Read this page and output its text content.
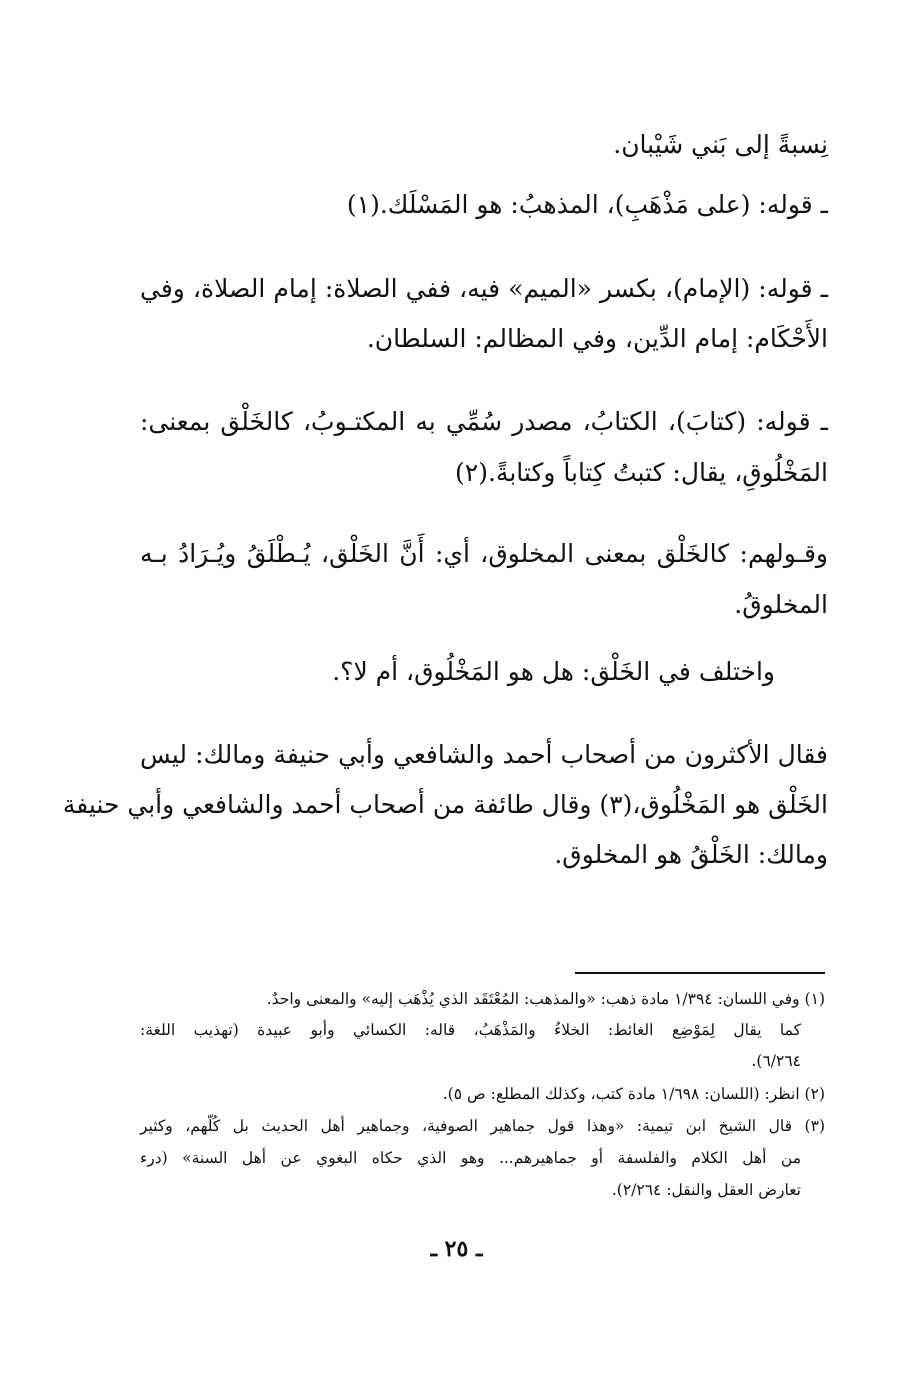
نِسبةً إلى بَني شَيْبان.
ـ قوله: (على مَذْهَبِ)، المذهبُ: هو المَسْلَك.(١)
ـ قوله: (الإمام)، بكسر «الميم» فيه، ففي الصلاة: إمام الصلاة، وفي
الأَحْكَام: إمام الدِّين، وفي المظالم: السلطان.
ـ قوله: (كتابَ)، الكتابُ، مصدر سُمِّي به المكتـوبُ، كالخَلْق بمعنى:
المَخْلُوقِ، يقال: كتبتُ كِتاباً وكتابةً.(٢)
وقـولهم: كالخَلْق بمعنى المخلوق، أي: أَنَّ الخَلْق، يُـطْلَقُ ويُـرَادُ بـه
المخلوقُ.
واختلف في الخَلْق: هل هو المَخْلُوق، أم لا؟.
فقال الأكثرون من أصحاب أحمد والشافعي وأبي حنيفة ومالك: ليس
الخَلْق هو المَخْلُوق،(٣) وقال طائفة من أصحاب أحمد والشافعي وأبي حنيفة
ومالك: الخَلْقُ هو المخلوق.
(١) وفي اللسان: ١/٣٩٤ مادة ذهب: «والمذهب: المُعْتَقَد الذي يُذْهَب إليه» والمعنى واحدٌ.
كما يقال لِمَوْضِع الغائط: الخلاءُ والمَذْهَبُ، قاله: الكسائي وأبو عبيدة (تهذيب اللغة:
٦/٢٦٤).
(٢) انظر: (اللسان: ١/٦٩٨ مادة كتب، وكذلك المطلع: ص ٥).
(٣) قال الشيخ ابن تيمية: «وهذا قول جماهير الصوفية، وجماهير أهل الحديث بل كُلّهم، وكثير
من أهل الكلام والفلسفة أو جماهيرهم... وهو الذي حكاه البغوي عن أهل السنة» (درء
تعارض العقل والنقل: ٢/٢٦٤).
ـ ٢٥ ـ
